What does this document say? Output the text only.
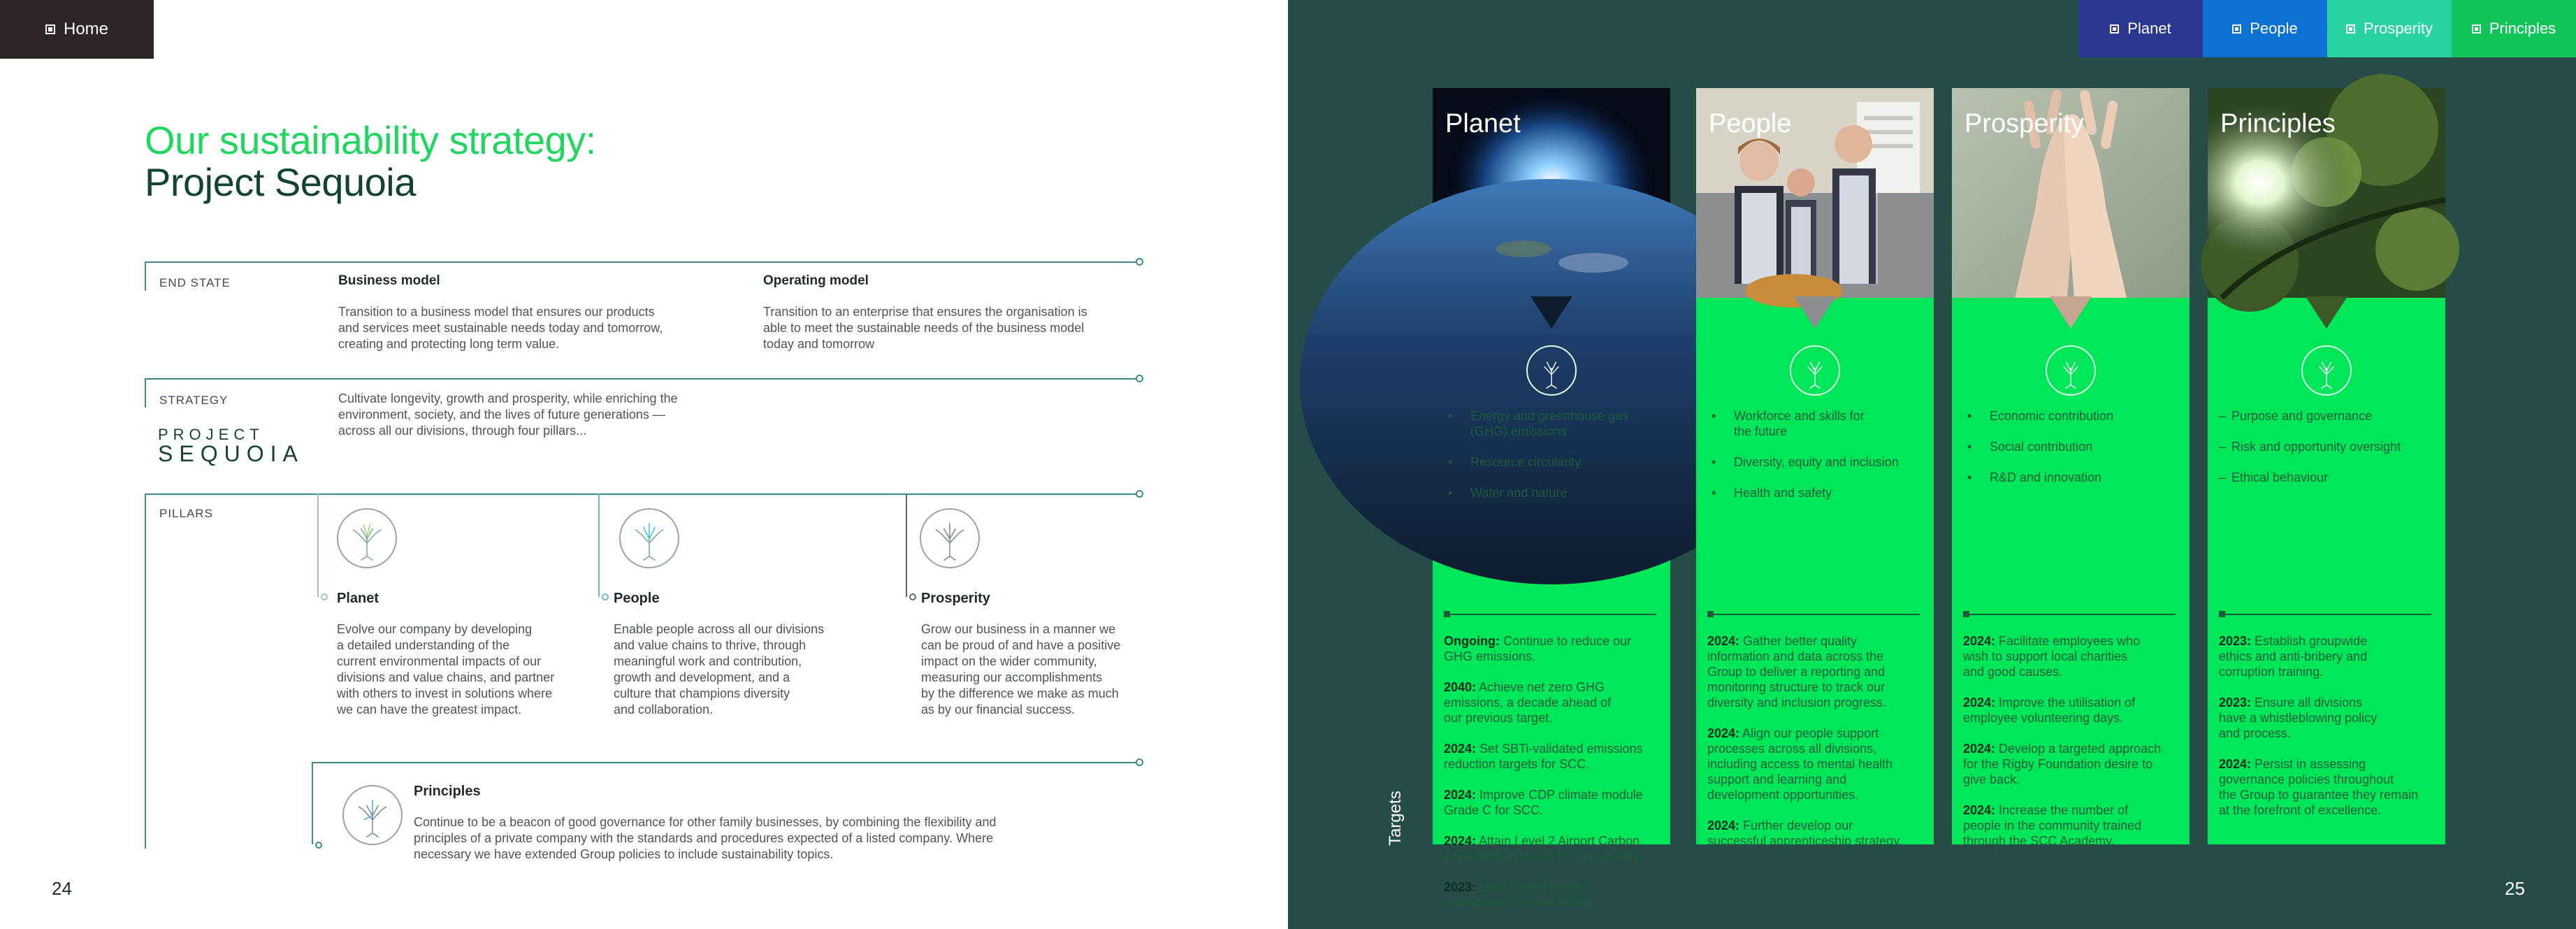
Home
Our sustainability strategy:
Project Sequoia
END STATE	Business model
Transition to a business model that ensures our products
and services meet sustainable needs today and tomorrow,
creating and protecting long term value.
Operating model
Transition to an enterprise that ensures the organisation is
able to meet the sustainable needs of the business model
today and tomorrow
STRATEGY	Cultivate longevity, growth and prosperity, while enriching the
environment, society, and the lives of future generations —
across all our divisions, through four pillars...
PROJECT
SEQUOIA
PILLARS
Planet
Evolve our company by developing
a detailed understanding of the
current environmental impacts of our
divisions and value chains, and partner
with others to invest in solutions where
we can have the greatest impact.
People
Enable people across all our divisions
and value chains to thrive, through
meaningful work and contribution,
growth and development, and a
culture that champions diversity
and collaboration.
Prosperity
Grow our business in a manner we
can be proud of and have a positive
impact on the wider community,
measuring our accomplishments
by the difference we make as much
as by our financial success.
Principles
Continue to be a beacon of good governance for other family businesses, by combining the flexibility and
principles of a private company with the standards and procedures expected of a listed company. Where
necessary we have extended Group policies to include sustainability topics.
24
Planet	People	Prosperity	Principles
Targets
Planet
• Energy and greenhouse gas
(GHG) emissions
• Resource circularity
• Water and nature
Ongoing: Continue to reduce our
GHG emissions.
2040: Achieve net zero GHG
emissions, a decade ahead of
our previous target.
2024: Set SBTi-validated emissions
reduction targets for SCC.
2024: Improve CDP climate module
Grade C for SCC.
2024: Attain Level 2 Airport Carbon
Accreditation (ACA) for our airports.
2023: Gain Green Tourism
accreditation for our hotels.
People
• Workforce and skills for
the future
• Diversity, equity and inclusion
• Health and safety
2024: Gather better quality
information and data across the
Group to deliver a reporting and
monitoring structure to track our
diversity and inclusion progress.
2024: Align our people support
processes across all divisions,
including access to mental health
support and learning and
development opportunities.
2024: Further develop our
successful apprenticeship strategy.
Prosperity
• Economic contribution
• Social contribution
• R&D and innovation
2024: Facilitate employees who
wish to support local charities
and good causes.
2024: Improve the utilisation of
employee volunteering days.
2024: Develop a targeted approach
for the Rigby Foundation desire to
give back.
2024: Increase the number of
people in the community trained
through the SCC Academy.
Principles
– Purpose and governance
– Risk and opportunity oversight
– Ethical behaviour
2023: Establish groupwide
ethics and anti-bribery and
corruption training.
2023: Ensure all divisions
have a whistleblowing policy
and process.
2024: Persist in assessing
governance policies throughout
the Group to guarantee they remain
at the forefront of excellence.
25
